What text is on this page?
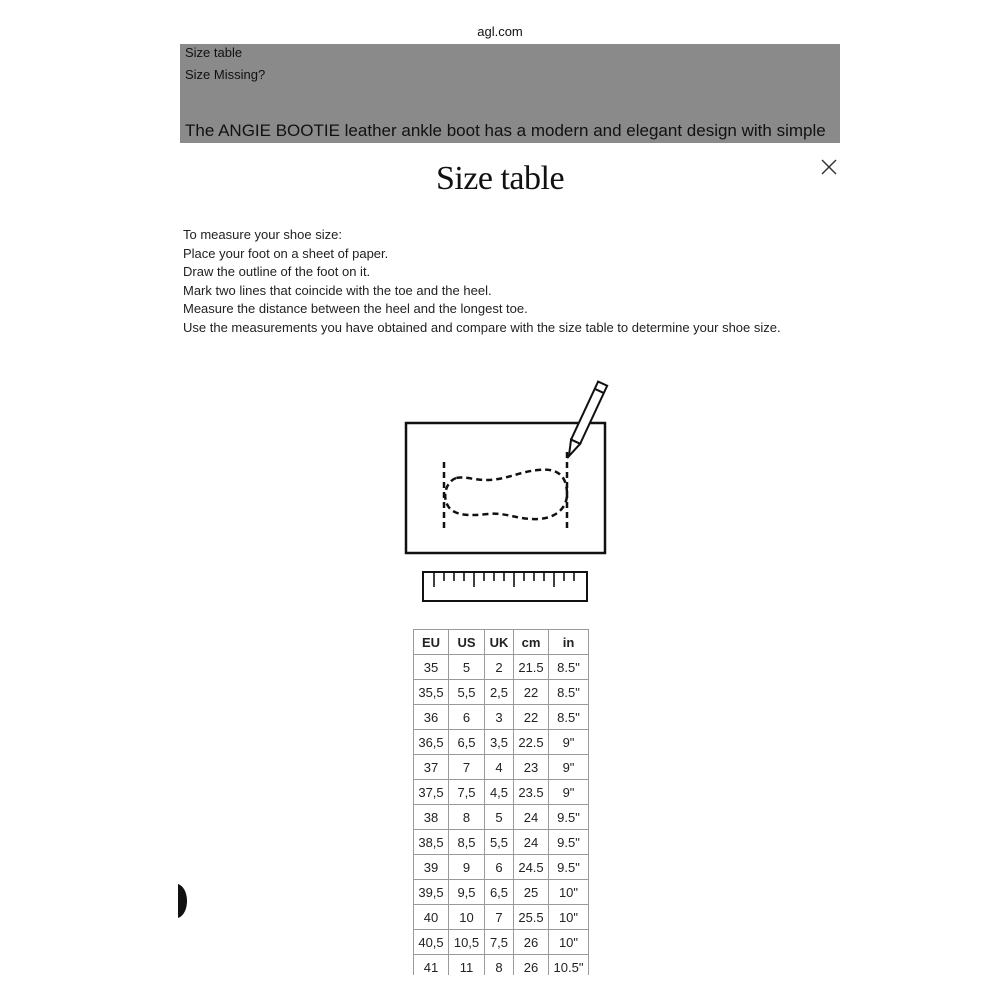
agl.com
Size table
Size Missing?
The ANGIE BOOTIE leather ankle boot has a modern and elegant design with simple
Size table
To measure your shoe size:
Place your foot on a sheet of paper.
Draw the outline of the foot on it.
Mark two lines that coincide with the toe and the heel.
Measure the distance between the heel and the longest toe.
Use the measurements you have obtained and compare with the size table to determine your shoe size.
EU	US	UK	cm	in
35	5	2	21.5	8.5"
35,5	5,5	2,5	22	8.5"
36	6	3	22	8.5"
36,5	6,5	3,5	22.5	9"
37	7	4	23	9"
37,5	7,5	4,5	23.5	9"
38	8	5	24	9.5"
38,5	8,5	5,5	24	9.5"
39	9	6	24.5	9.5"
39,5	9,5	6,5	25	10"
40	10	7	25.5	10"
40,5	10,5	7,5	26	10"
41	11	8	26	10.5"
